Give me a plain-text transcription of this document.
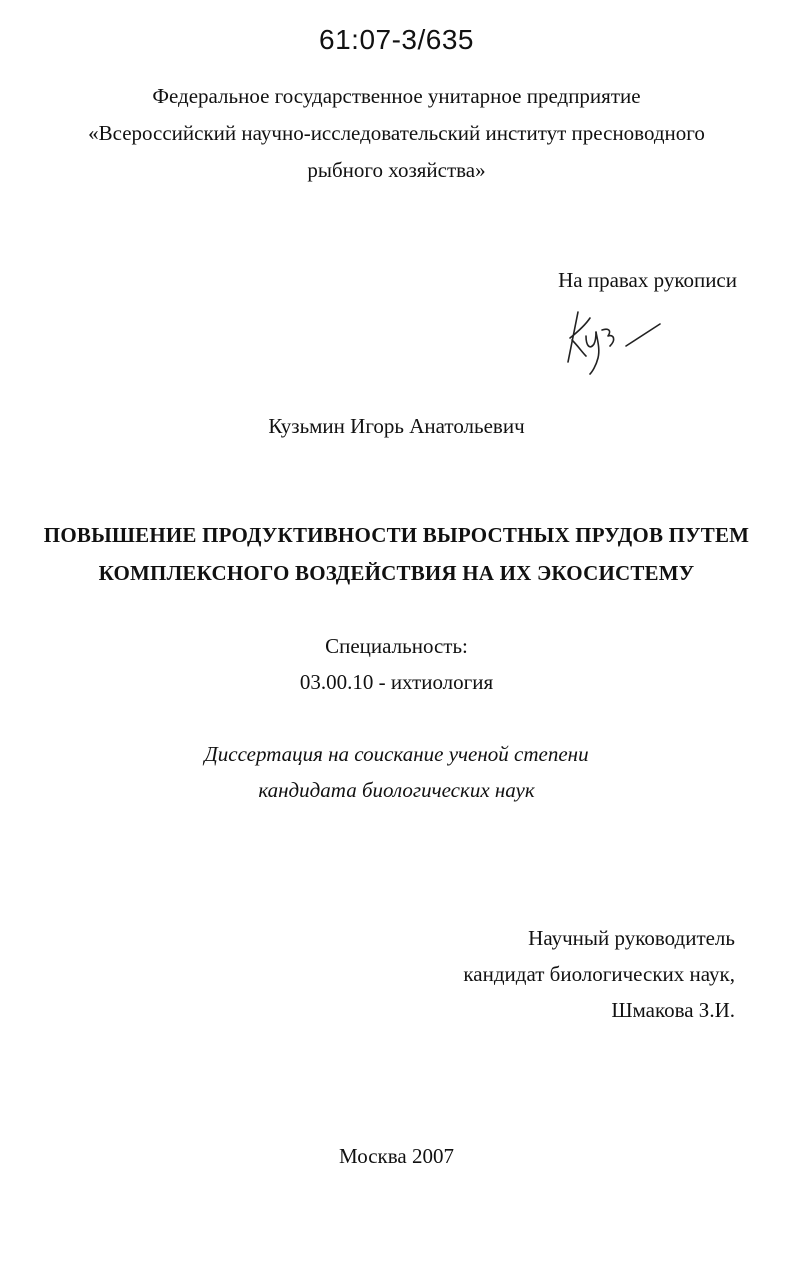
61:07-3/635
Федеральное государственное унитарное предприятие
«Всероссийский научно-исследовательский институт пресноводного
рыбного хозяйства»
На правах рукописи
Кузьмин Игорь Анатольевич
ПОВЫШЕНИЕ ПРОДУКТИВНОСТИ ВЫРОСТНЫХ ПРУДОВ ПУТЕМ
КОМПЛЕКСНОГО ВОЗДЕЙСТВИЯ НА ИХ ЭКОСИСТЕМУ
Специальность:
03.00.10 - ихтиология
Диссертация на соискание ученой степени
кандидата биологических наук
Научный руководитель
кандидат биологических наук,
Шмакова З.И.
Москва 2007
